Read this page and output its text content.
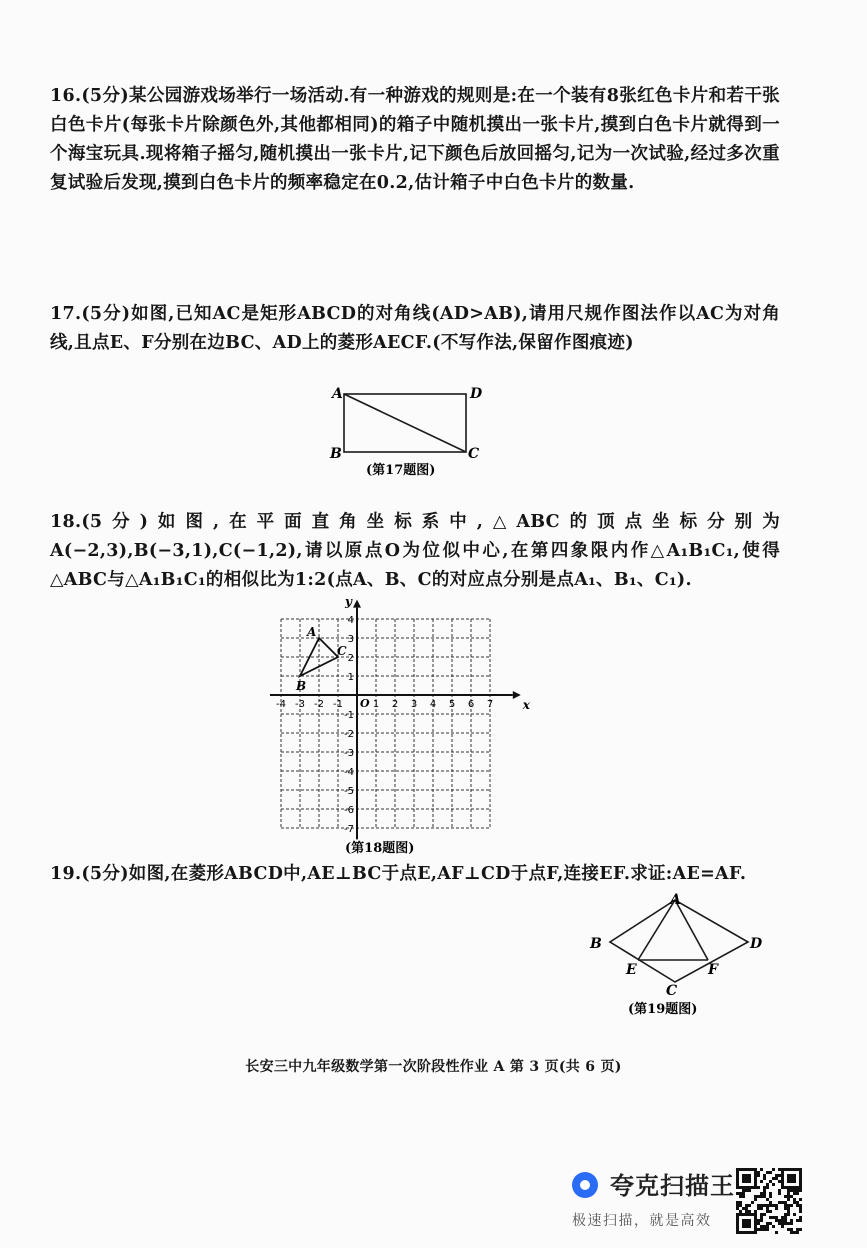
16.(5分)某公园游戏场举行一场活动.有一种游戏的规则是:在一个装有8张红色卡片和若干张白色卡片(每张卡片除颜色外,其他都相同)的箱子中随机摸出一张卡片,摸到白色卡片就得到一个海宝玩具.现将箱子摇匀,随机摸出一张卡片,记下颜色后放回摇匀,记为一次试验,经过多次重复试验后发现,摸到白色卡片的频率稳定在0.2,估计箱子中白色卡片的数量.
17.(5分)如图,已知AC是矩形ABCD的对角线(AD>AB),请用尺规作图法作以AC为对角线,且点E、F分别在边BC、AD上的菱形AECF.(不写作法,保留作图痕迹)
A	D
B	C
(第17题图)
18.(5分)如图,在平面直角坐标系中,△ABC的顶点坐标分别为A(−2,3),B(−3,1),C(−1,2),请以原点O为位似中心,在第四象限内作△A₁B₁C₁,使得△ABC与△A₁B₁C₁的相似比为1:2(点A、B、C的对应点分别是点A₁、B₁、C₁).
x
y
O
-4 -3 -2 -1	1 2 3 4 5 6 7
4
3
2
1
-1
-2
-3
-4
-5
-6
-7
A
B
C
(第18题图)
19.(5分)如图,在菱形ABCD中,AE⊥BC于点E,AF⊥CD于点F,连接EF.求证:AE=AF.
A
B	D
E	F
C
(第19题图)
长安三中九年级数学第一次阶段性作业 A 第 3 页(共 6 页)
夸克扫描王
极速扫描，就是高效
